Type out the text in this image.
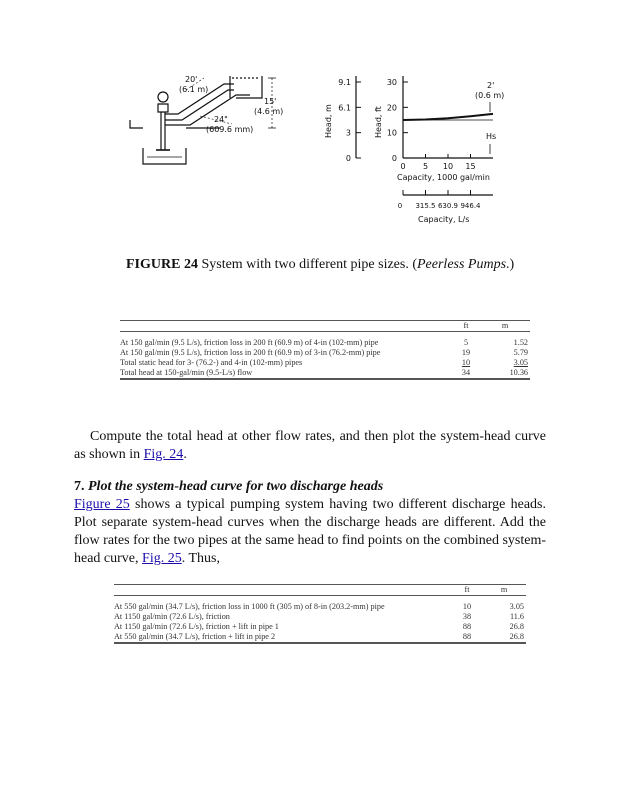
20'
(6.1 m)
15'
(4.6 m)
24"
(609.6 mm)
0
10
20
30
0
3
6.1
9.1
0
0
5
315.5
10
630.9
15
946.4
Head, m	Head, ft
Capacity, 1000 gal/min
Capacity, L/s
2'
(0.6 m)
Hs
FIGURE 24 System with two different pipe sizes. (Peerless Pumps.)
	ft	m

At 150 gal/min (9.5 L/s), friction loss in 200 ft (60.9 m) of 4-in (102-mm) pipe	5	1.52
At 150 gal/min (9.5 L/s), friction loss in 200 ft (60.9 m) of 3-in (76.2-mm) pipe	19	5.79
Total static head for 3- (76.2-) and 4-in (102-mm) pipes	10	3.05
Total head at 150-gal/min (9.5-L/s) flow	34	10.36
Compute the total head at other flow rates, and then plot the system-head curve as shown in Fig. 24.
7. Plot the system-head curve for two discharge heads
Figure 25 shows a typical pumping system having two different discharge heads. Plot separate system-head curves when the discharge heads are different. Add the flow rates for the two pipes at the same head to find points on the combined system-head curve, Fig. 25. Thus,
	ft	m

At 550 gal/min (34.7 L/s), friction loss in 1000 ft (305 m) of 8-in (203.2-mm) pipe	10	3.05
At 1150 gal/min (72.6 L/s), friction	38	11.6
At 1150 gal/min (72.6 L/s), friction + lift in pipe 1	88	26.8
At 550 gal/min (34.7 L/s), friction + lift in pipe 2	88	26.8
